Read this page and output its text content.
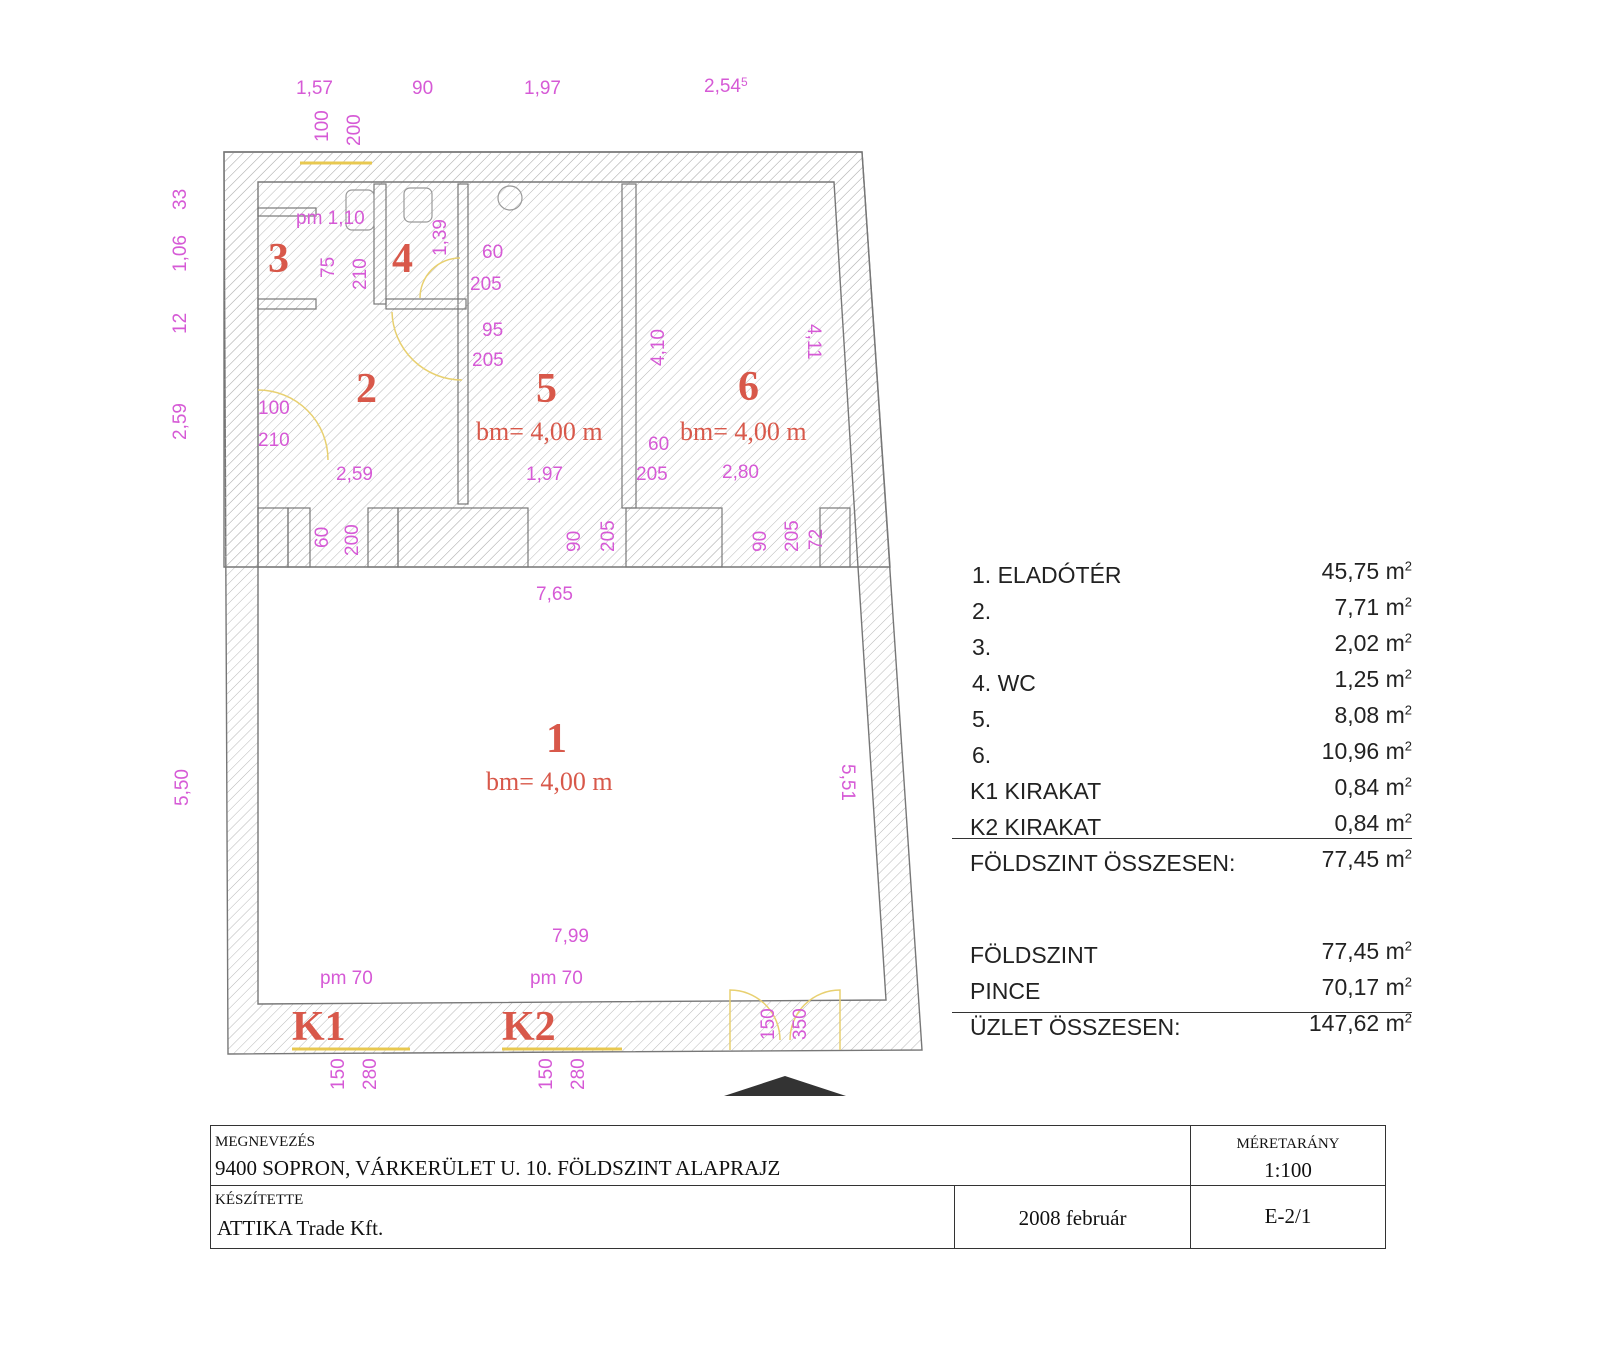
1,57	90	1,97	2,54$^5$
100 200
33
1,06
12
2,59
5,50
pm 1,10
75 210
1,39 60
205
95
205
100
210
4,10	4,11
60
205
2,59	1,97	2,80
60 200	90 205	90 205 72
7,65
5,51
7,99
pm 70	pm 70
150 280	150 280
150 350
1
bm= 4,00 m
2
3 4
5
bm= 4,00 m
6
bm= 4,00 m
K1	K2
1. ELADÓTÉR	45,75 $m^2$
2.	7,71 $m^2$
3.	2,02 $m^2$
4. WC	1,25 $m^2$
5.	8,08 $m^2$
6.	10,96 $m^2$
K1 KIRAKAT	0,84 $m^2$
K2 KIRAKAT	0,84 $m^2$
FÖLDSZINT ÖSSZESEN:	77,45 $m^2$
FÖLDSZINT	77,45 $m^2$
PINCE	70,17 $m^2$
ÜZLET ÖSSZESEN:	147,62 $m^2$
MEGNEVEZÉS
9400 SOPRON, VÁRKERÜLET U. 10. FÖLDSZINT ALAPRAJZ
MÉRETARÁNY
1:100
KÉSZÍTETTE
ATTIKA Trade Kft.	2008 február	E-2/1
